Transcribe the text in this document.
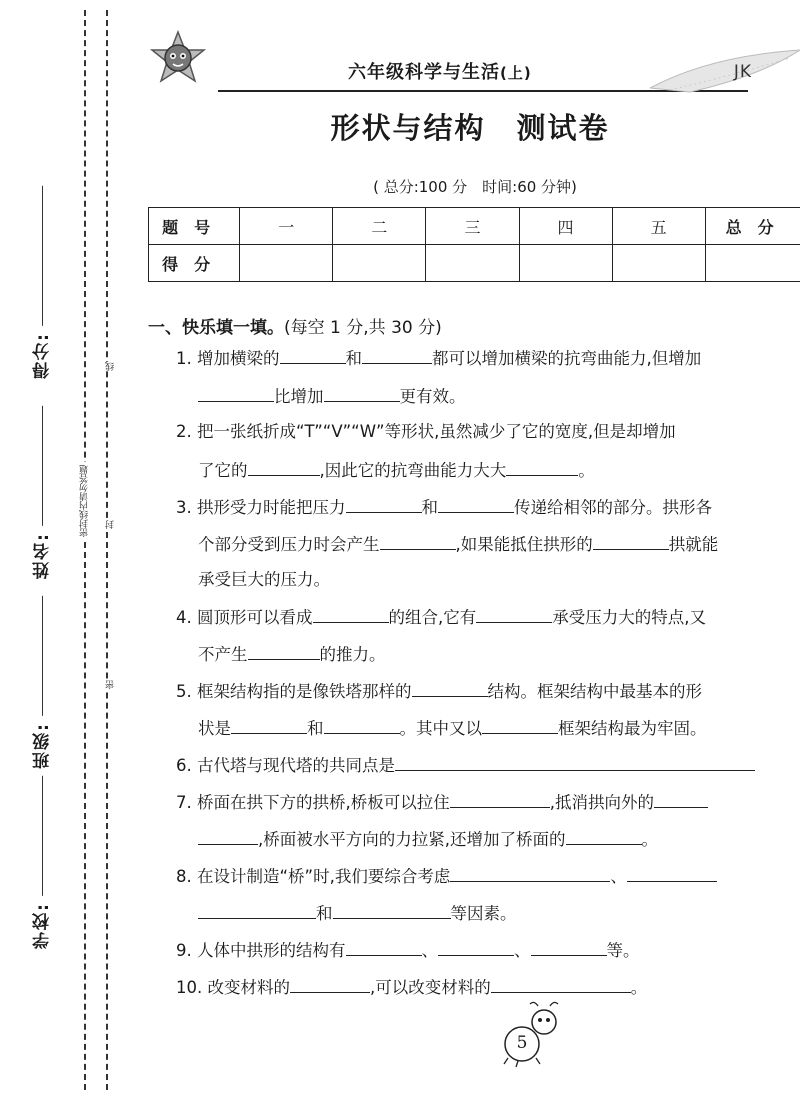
密封线内请勿答题
线
封
密
得分:
姓名:
班级:
学校:
六年级科学与生活(上)	JK
形状与结构　测试卷
( 总分:100 分　时间:60 分钟)
题号	一	二	三	四	五	总　分
得分						
一、快乐填一填。(每空 1 分,共 30 分)
1. 增加横梁的	和	都可以增加横梁的抗弯曲能力,但增加
比增加	更有效。
2. 把一张纸折成“T”“V”“W”等形状,虽然减少了它的宽度,但是却增加
了它的	,因此它的抗弯曲能力大大	。
3. 拱形受力时能把压力	和	传递给相邻的部分。拱形各
个部分受到压力时会产生	,如果能抵住拱形的	拱就能
承受巨大的压力。
4. 圆顶形可以看成	的组合,它有	承受压力大的特点,又
不产生	的推力。
5. 框架结构指的是像铁塔那样的	结构。框架结构中最基本的形
状是	和	。其中又以	框架结构最为牢固。
6. 古代塔与现代塔的共同点是
7. 桥面在拱下方的拱桥,桥板可以拉住	,抵消拱向外的
,桥面被水平方向的力拉紧,还增加了桥面的	。
8. 在设计制造“桥”时,我们要综合考虑	、
和	等因素。
9. 人体中拱形的结构有	、	、	等。
10. 改变材料的	,可以改变材料的	。
5
